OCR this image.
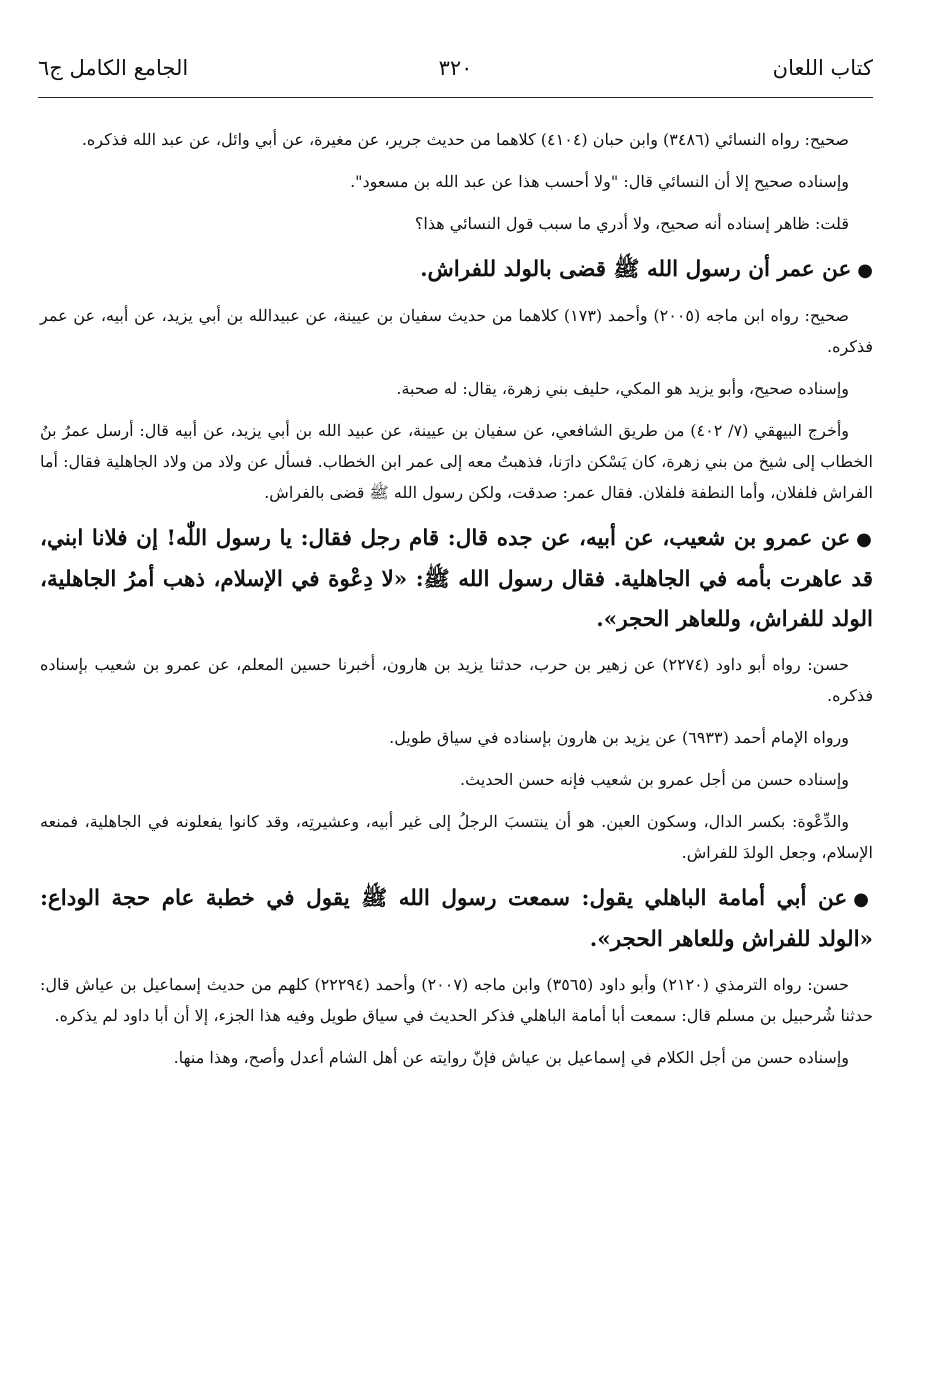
كتاب اللعان
٣٢٠
الجامع الكامل ج٦

صحيح: رواه النسائي (٣٤٨٦) وابن حبان (٤١٠٤) كلاهما من حديث جرير، عن مغيرة، عن أبي وائل، عن عبد الله فذكره.

وإسناده صحيح إلا أن النسائي قال: "ولا أحسب هذا عن عبد الله بن مسعود".

قلت: ظاهر إسناده أنه صحيح، ولا أدري ما سبب قول النسائي هذا؟

●عن عمر أن رسول الله ﷺ قضى بالولد للفراش.

صحيح: رواه ابن ماجه (٢٠٠٥) وأحمد (١٧٣) كلاهما من حديث سفيان بن عيينة، عن عبيدالله بن أبي يزيد، عن أبيه، عن عمر فذكره.

وإسناده صحيح، وأبو يزيد هو المكي، حليف بني زهرة، يقال: له صحبة.

وأخرج البيهقي (٧/ ٤٠٢) من طريق الشافعي، عن سفيان بن عيينة، عن عبيد الله بن أبي يزيد، عن أبيه قال: أرسل عمرُ بنُ الخطاب إلى شيخ من بني زهرة، كان يَسْكن دارَنا، فذهبتُ معه إلى عمر ابن الخطاب. فسأل عن ولاد من ولاد الجاهلية فقال: أما الفراش فلفلان، وأما النطفة فلفلان. فقال عمر: صدقت، ولكن رسول الله ﷺ قضى بالفراش.

●عن عمرو بن شعيب، عن أبيه، عن جده قال: قام رجل فقال: يا رسول اللّٰه! إن فلانا ابني، قد عاهرت بأمه في الجاهلية. فقال رسول الله ﷺ: «لا دِعْوة في الإسلام، ذهب أمرُ الجاهلية، الولد للفراش، وللعاهر الحجر».

حسن: رواه أبو داود (٢٢٧٤) عن زهير بن حرب، حدثنا يزيد بن هارون، أخبرنا حسين المعلم، عن عمرو بن شعيب بإسناده فذكره.

ورواه الإمام أحمد (٦٩٣٣) عن يزيد بن هارون بإسناده في سياق طويل.

وإسناده حسن من أجل عمرو بن شعيب فإنه حسن الحديث.

والدِّعْوة: بكسر الدال، وسكون العين. هو أن ينتسبَ الرجلُ إلى غير أبيه، وعشيرتِه، وقد كانوا يفعلونه في الجاهلية، فمنعه الإسلام، وجعل الولدَ للفراش.

●عن أبي أمامة الباهلي يقول: سمعت رسول الله ﷺ يقول في خطبة عام حجة الوداع: «الولد للفراش وللعاهر الحجر».

حسن: رواه الترمذي (٢١٢٠) وأبو داود (٣٥٦٥) وابن ماجه (٢٠٠٧) وأحمد (٢٢٢٩٤) كلهم من حديث إسماعيل بن عياش قال: حدثنا شُرحبيل بن مسلم قال: سمعت أبا أمامة الباهلي فذكر الحديث في سياق طويل وفيه هذا الجزء، إلا أن أبا داود لم يذكره.

وإسناده حسن من أجل الكلام في إسماعيل بن عياش فإنّ روايته عن أهل الشام أعدل وأصح، وهذا منها.
